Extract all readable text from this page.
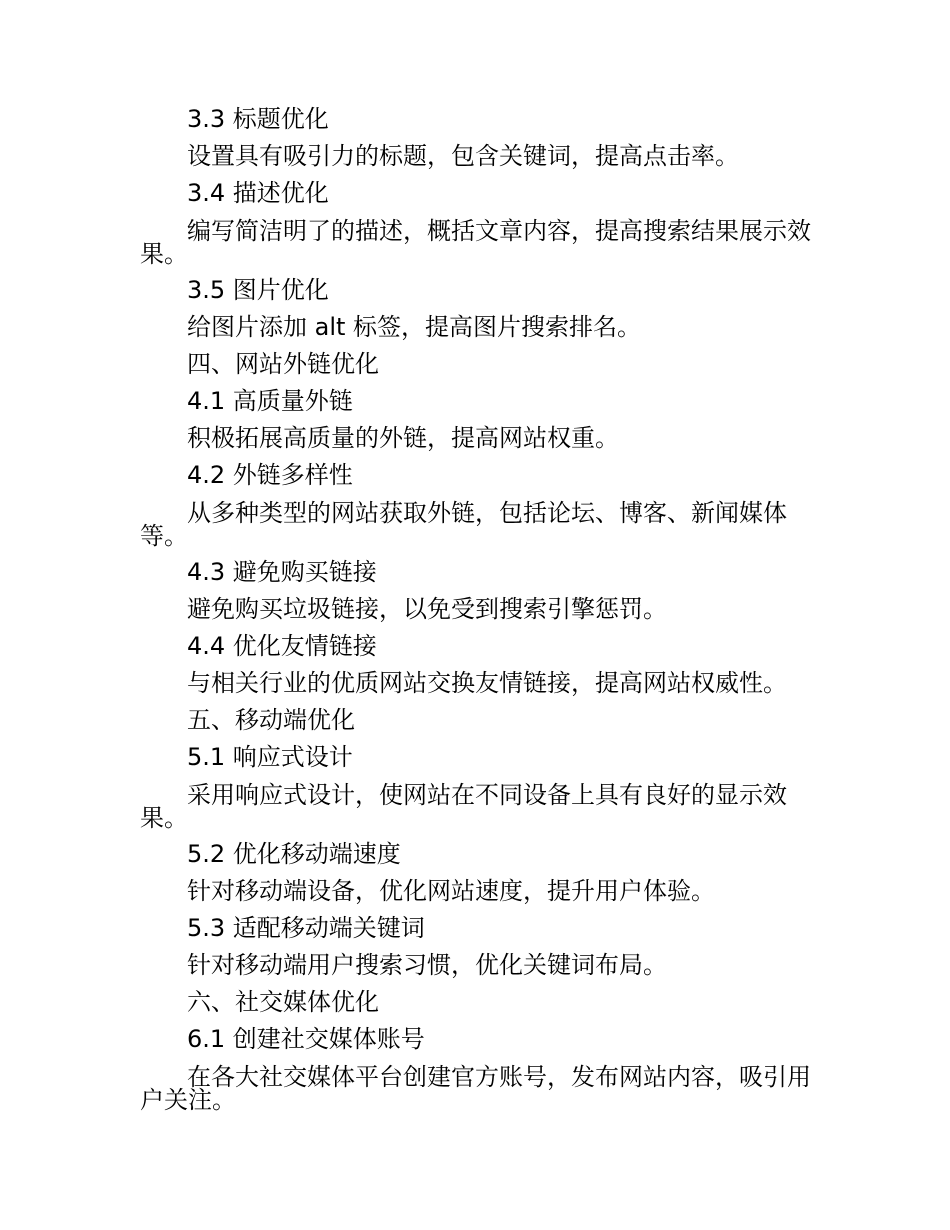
3.3 标题优化
设置具有吸引力的标题，包含关键词，提高点击率。
3.4 描述优化
编写简洁明了的描述，概括文章内容，提高搜索结果展示效果。
3.5 图片优化
给图片添加 alt 标签，提高图片搜索排名。
四、网站外链优化
4.1 高质量外链
积极拓展高质量的外链，提高网站权重。
4.2 外链多样性
从多种类型的网站获取外链，包括论坛、博客、新闻媒体等。
4.3 避免购买链接
避免购买垃圾链接，以免受到搜索引擎惩罚。
4.4 优化友情链接
与相关行业的优质网站交换友情链接，提高网站权威性。
五、移动端优化
5.1 响应式设计
采用响应式设计，使网站在不同设备上具有良好的显示效果。
5.2 优化移动端速度
针对移动端设备，优化网站速度，提升用户体验。
5.3 适配移动端关键词
针对移动端用户搜索习惯，优化关键词布局。
六、社交媒体优化
6.1 创建社交媒体账号
在各大社交媒体平台创建官方账号，发布网站内容，吸引用户关注。
